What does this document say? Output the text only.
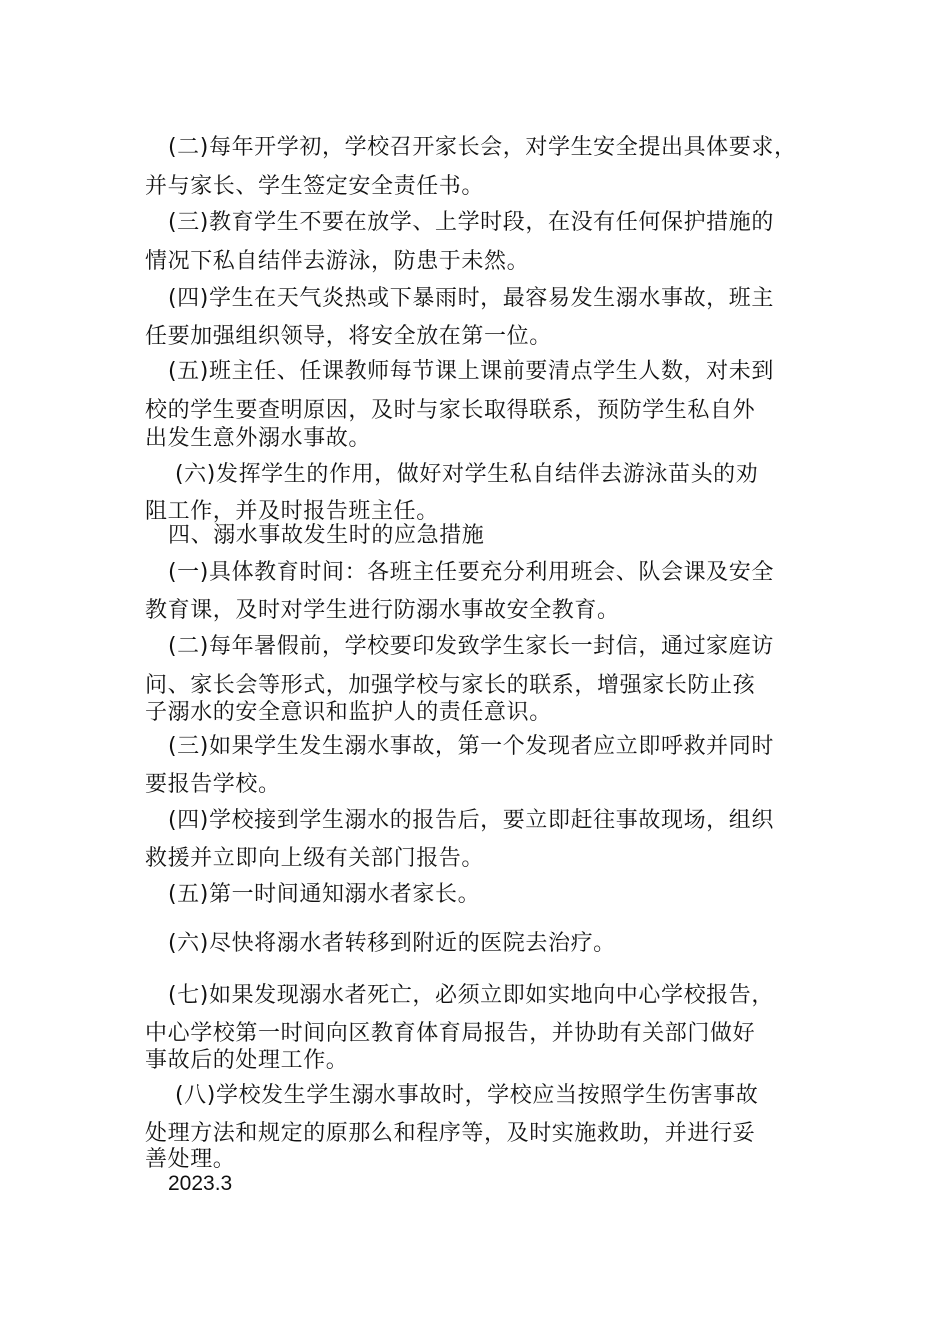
(二)每年开学初，学校召开家长会，对学生安全提出具体要求，
并与家长、学生签定安全责任书。
(三)教育学生不要在放学、上学时段，在没有任何保护措施的
情况下私自结伴去游泳，防患于未然。
(四)学生在天气炎热或下暴雨时，最容易发生溺水事故，班主
任要加强组织领导，将安全放在第一位。
(五)班主任、任课教师每节课上课前要清点学生人数，对未到
校的学生要查明原因，及时与家长取得联系，预防学生私自外
出发生意外溺水事故。
(六)发挥学生的作用，做好对学生私自结伴去游泳苗头的劝
阻工作，并及时报告班主任。
四、溺水事故发生时的应急措施
(一)具体教育时间：各班主任要充分利用班会、队会课及安全
教育课，及时对学生进行防溺水事故安全教育。
(二)每年暑假前，学校要印发致学生家长一封信，通过家庭访
问、家长会等形式，加强学校与家长的联系，增强家长防止孩
子溺水的安全意识和监护人的责任意识。
(三)如果学生发生溺水事故，第一个发现者应立即呼救并同时
要报告学校。
(四)学校接到学生溺水的报告后，要立即赶往事故现场，组织
救援并立即向上级有关部门报告。
(五)第一时间通知溺水者家长。
(六)尽快将溺水者转移到附近的医院去治疗。
(七)如果发现溺水者死亡，必须立即如实地向中心学校报告，
中心学校第一时间向区教育体育局报告，并协助有关部门做好
事故后的处理工作。
(八)学校发生学生溺水事故时，学校应当按照学生伤害事故
处理方法和规定的原那么和程序等，及时实施救助，并进行妥
善处理。
2023.3
